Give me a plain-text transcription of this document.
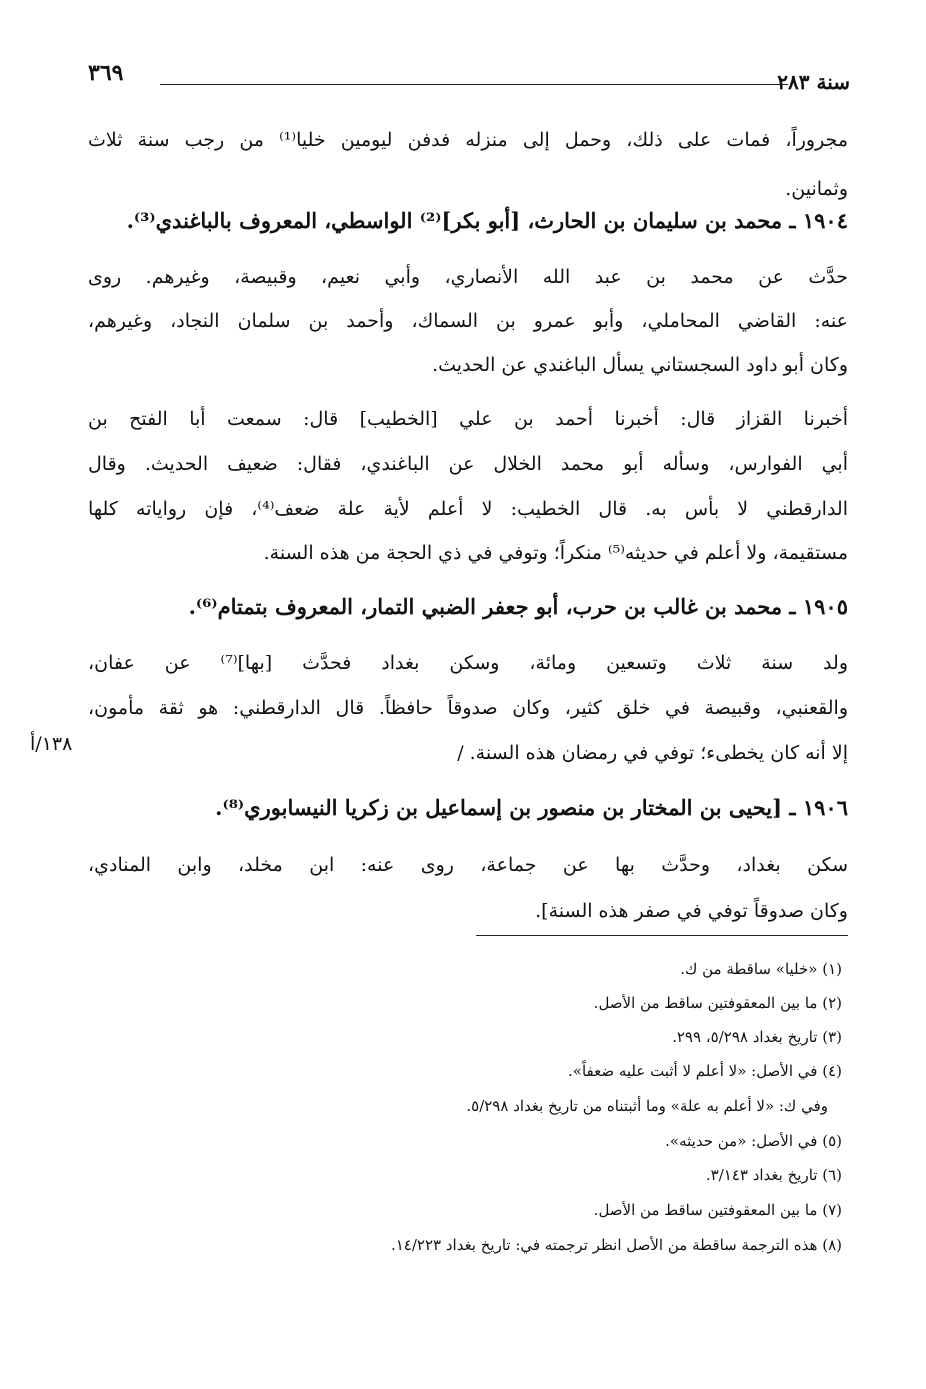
٣٦٩	سنة ٢٨٣
مجروراً، فمات على ذلك، وحمل إلى منزله فدفن ليومين خليا⁽¹⁾ من رجب سنة ثلاث
وثمانين.
١٩٠٤ ـ محمد بن سليمان بن الحارث، [أبو بكر]⁽²⁾ الواسطي، المعروف بالباغندي⁽³⁾.
حدَّث عن محمد بن عبد الله الأنصاري، وأبي نعيم، وقبيصة، وغيرهم. روى
عنه: القاضي المحاملي، وأبو عمرو بن السماك، وأحمد بن سلمان النجاد، وغيرهم،
وكان أبو داود السجستاني يسأل الباغندي عن الحديث.
أخبرنا القزاز قال: أخبرنا أحمد بن علي [الخطيب] قال: سمعت أبا الفتح بن
أبي الفوارس، وسأله أبو محمد الخلال عن الباغندي، فقال: ضعيف الحديث. وقال
الدارقطني لا بأس به. قال الخطيب: لا أعلم لأية علة ضعف⁽⁴⁾، فإن رواياته كلها
مستقيمة، ولا أعلم في حديثه⁽⁵⁾ منكراً؛ وتوفي في ذي الحجة من هذه السنة.
١٩٠٥ ـ محمد بن غالب بن حرب، أبو جعفر الضبي التمار، المعروف بتمتام⁽⁶⁾.
ولد سنة ثلاث وتسعين ومائة، وسكن بغداد فحدَّث [بها]⁽⁷⁾ عن عفان،
والقعنبي، وقبيصة في خلق كثير، وكان صدوقاً حافظاً. قال الدارقطني: هو ثقة مأمون،
إلا أنه كان يخطىء؛ توفي في رمضان هذه السنة. /
١٣٨/أ
١٩٠٦ ـ [يحيى بن المختار بن منصور بن إسماعيل بن زكريا النيسابوري⁽⁸⁾.
سكن بغداد، وحدَّث بها عن جماعة، روى عنه: ابن مخلد، وابن المنادي،
وكان صدوقاً توفي في صفر هذه السنة].
(١) «خليا» ساقطة من ك.
(٢) ما بين المعقوفتين ساقط من الأصل.
(٣) تاريخ بغداد ٥/٢٩٨، ٢٩٩.
(٤) في الأصل: «لا أعلم لا أثبت عليه ضعفاً».
وفي ك: «لا أعلم به علة» وما أثبتناه من تاريخ بغداد ٥/٢٩٨.
(٥) في الأصل: «من حديثه».
(٦) تاريخ بغداد ٣/١٤٣.
(٧) ما بين المعقوفتين ساقط من الأصل.
(٨) هذه الترجمة ساقطة من الأصل انظر ترجمته في: تاريخ بغداد ١٤/٢٢٣.
